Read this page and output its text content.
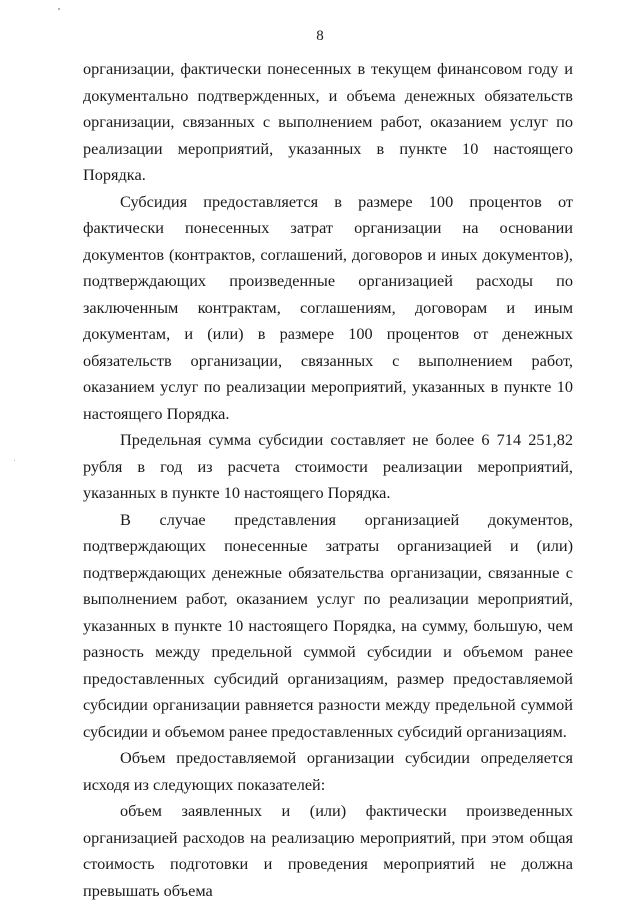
8

организации, фактически понесенных в текущем финансовом году и документально подтвержденных, и объема денежных обязательств организации, связанных с выполнением работ, оказанием услуг по реализации мероприятий, указанных в пункте 10 настоящего Порядка.

Субсидия предоставляется в размере 100 процентов от фактически понесенных затрат организации на основании документов (контрактов, соглашений, договоров и иных документов), подтверждающих произведенные организацией расходы по заключенным контрактам, соглашениям, договорам и иным документам, и (или) в размере 100 процентов от денежных обязательств организации, связанных с выполнением работ, оказанием услуг по реализации мероприятий, указанных в пункте 10 настоящего Порядка.

Предельная сумма субсидии составляет не более 6 714 251,82 рубля в год из расчета стоимости реализации мероприятий, указанных в пункте 10 настоящего Порядка.

В случае представления организацией документов, подтверждающих понесенные затраты организацией и (или) подтверждающих денежные обязательства организации, связанные с выполнением работ, оказанием услуг по реализации мероприятий, указанных в пункте 10 настоящего Порядка, на сумму, большую, чем разность между предельной суммой субсидии и объемом ранее предоставленных субсидий организациям, размер предоставляемой субсидии организации равняется разности между предельной суммой субсидии и объемом ранее предоставленных субсидий организациям.

Объем предоставляемой организации субсидии определяется исходя из следующих показателей:

объем заявленных и (или) фактически произведенных организацией расходов на реализацию мероприятий, при этом общая стоимость подготовки и проведения мероприятий не должна превышать объема
